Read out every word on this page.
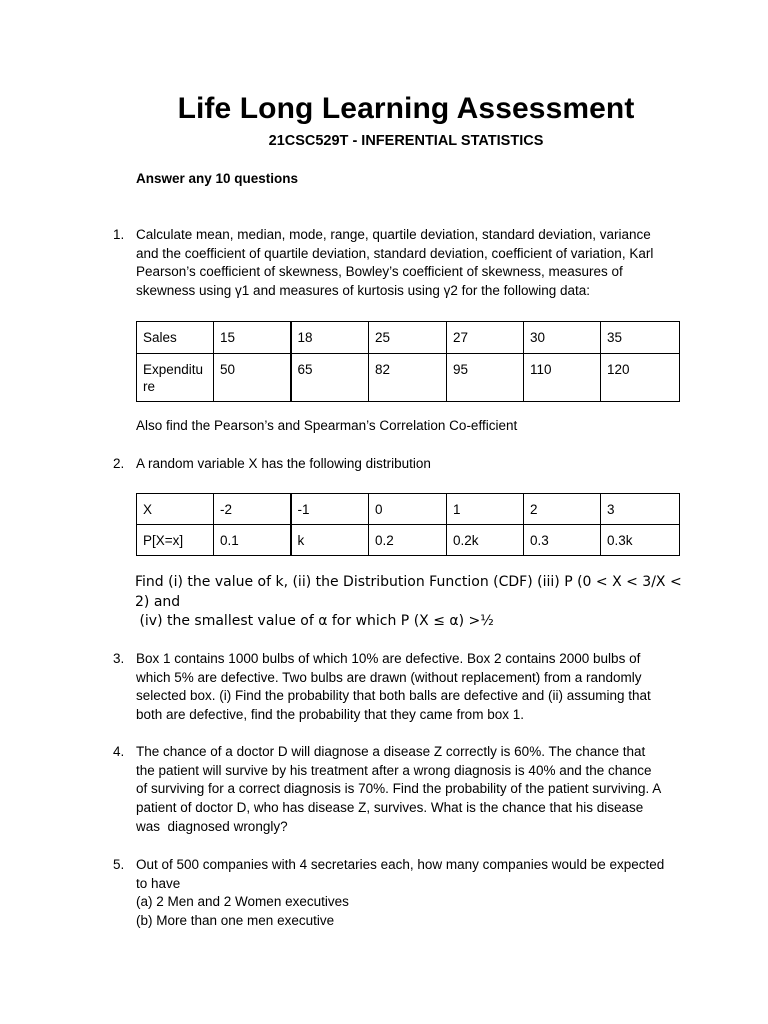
Life Long Learning Assessment
21CSC529T - INFERENTIAL STATISTICS
Answer any 10 questions
1. Calculate mean, median, mode, range, quartile deviation, standard deviation, variance
and the coefficient of quartile deviation, standard deviation, coefficient of variation, Karl
Pearson’s coefficient of skewness, Bowley’s coefficient of skewness, measures of
skewness using γ1 and measures of kurtosis using γ2 for the following data:
Sales	15	18	25	27	30	35
Expenditure	50	65	82	95	110	120
Also find the Pearson’s and Spearman’s Correlation Co-efficient
2. A random variable X has the following distribution
X	-2	-1	0	1	2	3
P[X=x]	0.1	k	0.2	0.2k	0.3	0.3k
Find (i) the value of k, (ii) the Distribution Function (CDF) (iii) P (0 < X < 3/X <
2) and
(iv) the smallest value of α for which P (X ≤ α) >½
3. Box 1 contains 1000 bulbs of which 10% are defective. Box 2 contains 2000 bulbs of
which 5% are defective. Two bulbs are drawn (without replacement) from a randomly
selected box. (i) Find the probability that both balls are defective and (ii) assuming that
both are defective, find the probability that they came from box 1.
4. The chance of a doctor D will diagnose a disease Z correctly is 60%. The chance that
the patient will survive by his treatment after a wrong diagnosis is 40% and the chance
of surviving for a correct diagnosis is 70%. Find the probability of the patient surviving. A
patient of doctor D, who has disease Z, survives. What is the chance that his disease
was  diagnosed wrongly?
5. Out of 500 companies with 4 secretaries each, how many companies would be expected
to have
(a) 2 Men and 2 Women executives
(b) More than one men executive
